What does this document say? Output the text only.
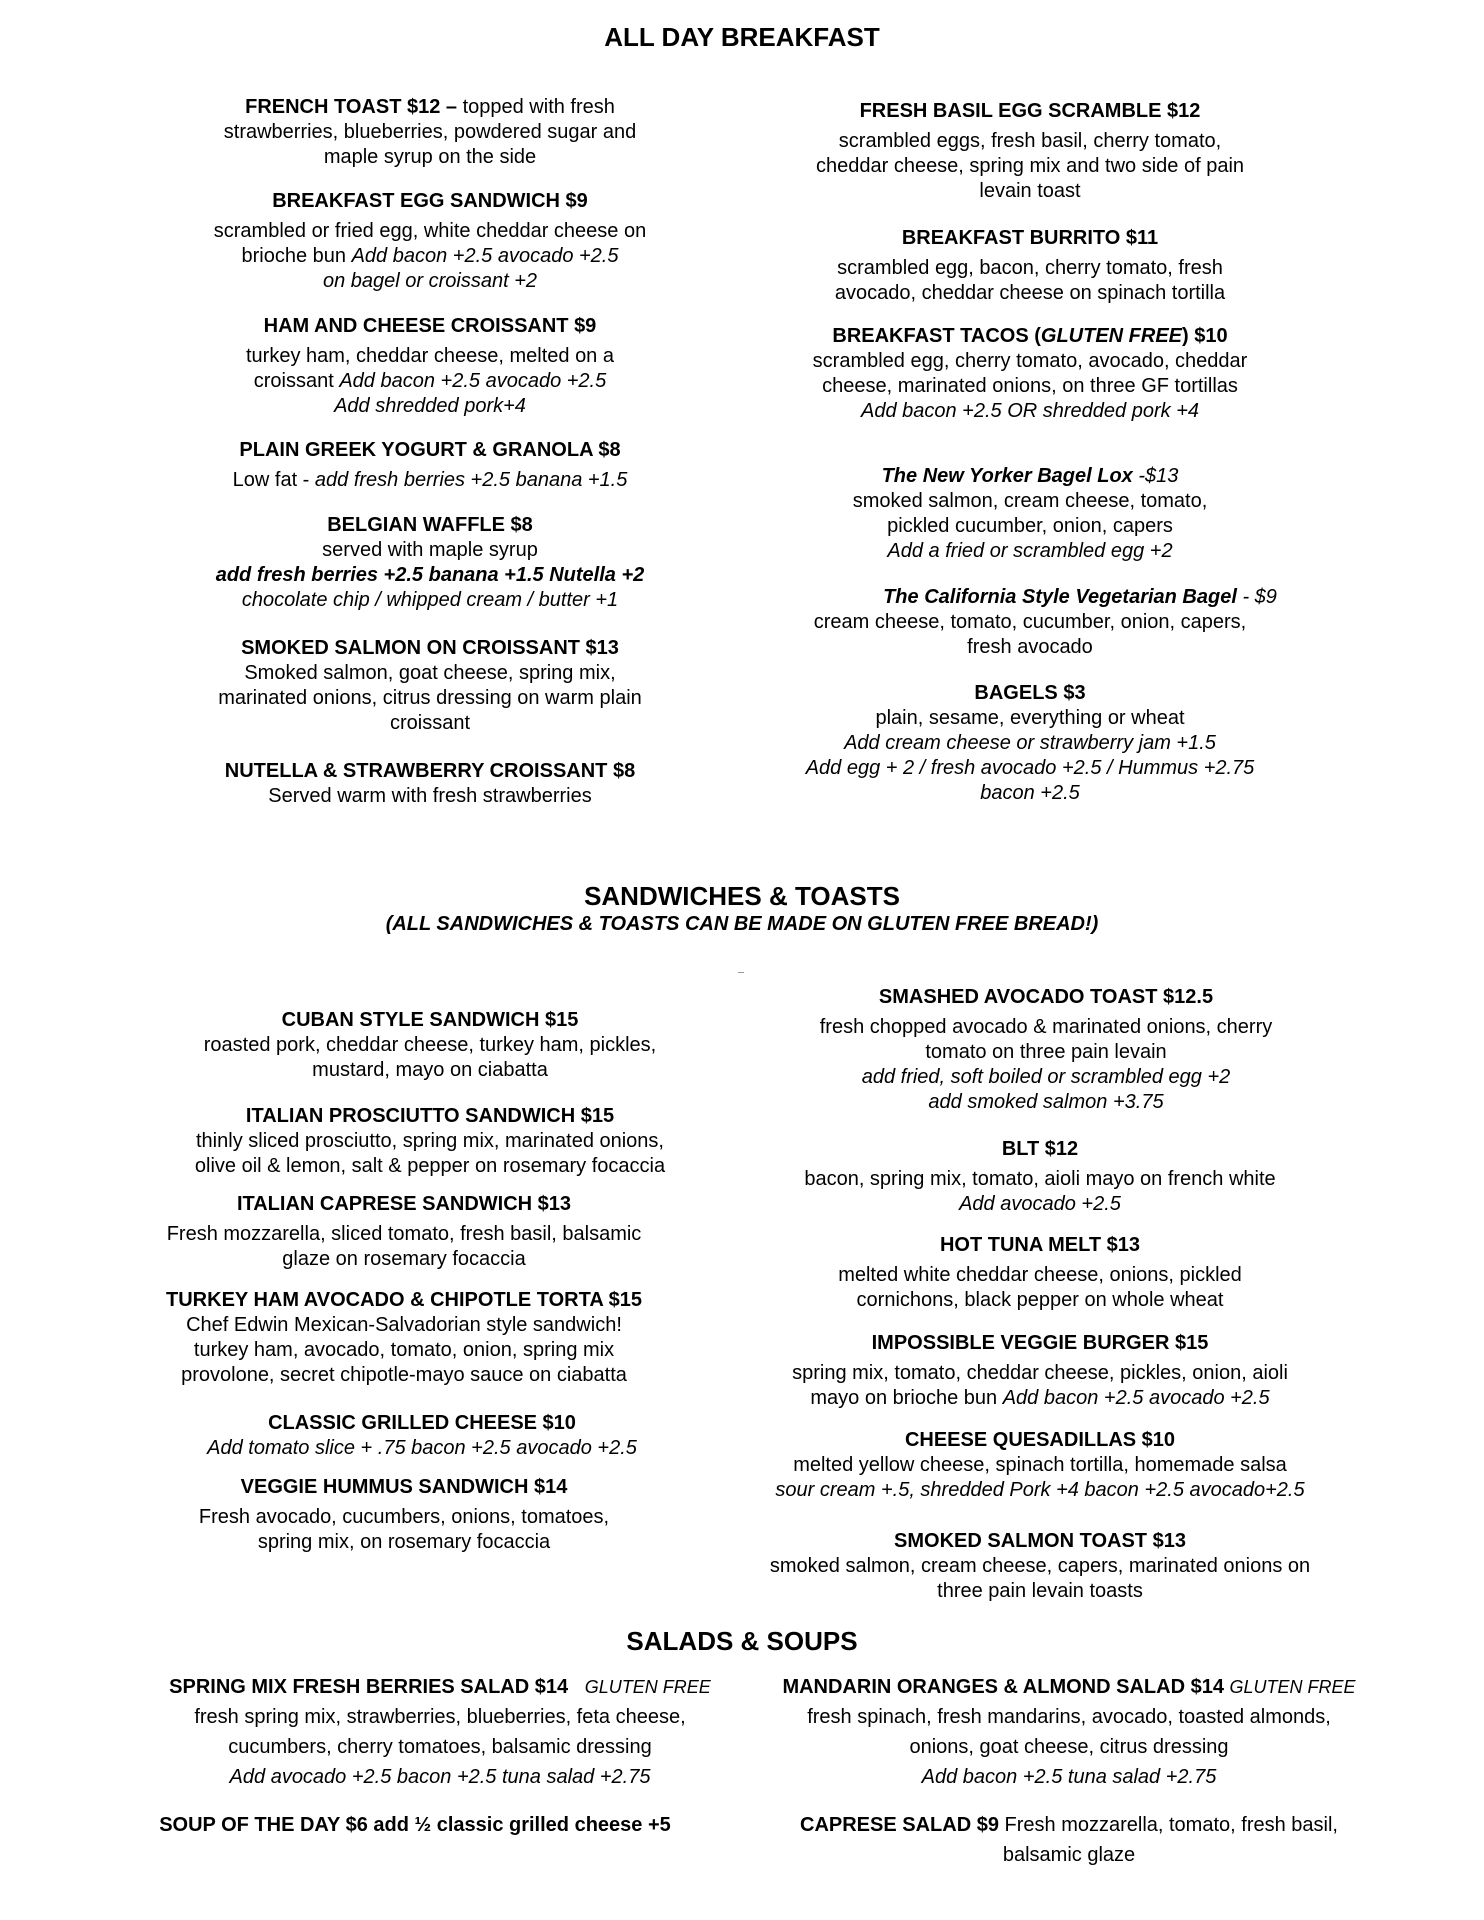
ALL DAY BREAKFAST
FRENCH TOAST $12 – topped with fresh
strawberries, blueberries, powdered sugar and
maple syrup on the side
BREAKFAST EGG SANDWICH $9
scrambled or fried egg, white cheddar cheese on
brioche bun Add bacon +2.5 avocado +2.5
on bagel or croissant +2
HAM AND CHEESE CROISSANT $9
turkey ham, cheddar cheese, melted on a
croissant Add bacon +2.5 avocado +2.5
Add shredded pork+4
PLAIN GREEK YOGURT & GRANOLA $8
Low fat - add fresh berries +2.5 banana +1.5
BELGIAN WAFFLE $8
served with maple syrup
add fresh berries +2.5 banana +1.5 Nutella +2
chocolate chip / whipped cream / butter +1
SMOKED SALMON ON CROISSANT $13
Smoked salmon, goat cheese, spring mix,
marinated onions, citrus dressing on warm plain
croissant
NUTELLA & STRAWBERRY CROISSANT $8
Served warm with fresh strawberries
FRESH BASIL EGG SCRAMBLE $12
scrambled eggs, fresh basil, cherry tomato,
cheddar cheese, spring mix and two side of pain
levain toast
BREAKFAST BURRITO $11
scrambled egg, bacon, cherry tomato, fresh
avocado, cheddar cheese on spinach tortilla
BREAKFAST TACOS (GLUTEN FREE) $10
scrambled egg, cherry tomato, avocado, cheddar
cheese, marinated onions, on three GF tortillas
Add bacon +2.5 OR shredded pork +4
The New Yorker Bagel Lox -$13
smoked salmon, cream cheese, tomato,
pickled cucumber, onion, capers
Add a fried or scrambled egg +2
The California Style Vegetarian Bagel - $9
cream cheese, tomato, cucumber, onion, capers,
fresh avocado
BAGELS $3
plain, sesame, everything or wheat
Add cream cheese or strawberry jam +1.5
Add egg + 2 / fresh avocado +2.5 / Hummus +2.75
bacon +2.5
SANDWICHES & TOASTS
(ALL SANDWICHES & TOASTS CAN BE MADE ON GLUTEN FREE BREAD!)
CUBAN STYLE SANDWICH $15
roasted pork, cheddar cheese, turkey ham, pickles,
mustard, mayo on ciabatta
ITALIAN PROSCIUTTO SANDWICH $15
thinly sliced prosciutto, spring mix, marinated onions,
olive oil & lemon, salt & pepper on rosemary focaccia
ITALIAN CAPRESE SANDWICH $13
Fresh mozzarella, sliced tomato, fresh basil, balsamic
glaze on rosemary focaccia
TURKEY HAM AVOCADO & CHIPOTLE TORTA $15
Chef Edwin Mexican-Salvadorian style sandwich!
turkey ham, avocado, tomato, onion, spring mix
provolone, secret chipotle-mayo sauce on ciabatta
CLASSIC GRILLED CHEESE $10
Add tomato slice + .75 bacon +2.5 avocado +2.5
VEGGIE HUMMUS SANDWICH $14
Fresh avocado, cucumbers, onions, tomatoes,
spring mix, on rosemary focaccia
SMASHED AVOCADO TOAST $12.5
fresh chopped avocado & marinated onions, cherry
tomato on three pain levain
add fried, soft boiled or scrambled egg +2
add smoked salmon +3.75
BLT $12
bacon, spring mix, tomato, aioli mayo on french white
Add avocado +2.5
HOT TUNA MELT $13
melted white cheddar cheese, onions, pickled
cornichons, black pepper on whole wheat
IMPOSSIBLE VEGGIE BURGER $15
spring mix, tomato, cheddar cheese, pickles, onion, aioli
mayo on brioche bun Add bacon +2.5 avocado +2.5
CHEESE QUESADILLAS $10
melted yellow cheese, spinach tortilla, homemade salsa
sour cream +.5, shredded Pork +4 bacon +2.5 avocado+2.5
SMOKED SALMON TOAST $13
smoked salmon, cream cheese, capers, marinated onions on
three pain levain toasts
SALADS & SOUPS
SPRING MIX FRESH BERRIES SALAD $14 GLUTEN FREE
fresh spring mix, strawberries, blueberries, feta cheese,
cucumbers, cherry tomatoes, balsamic dressing
Add avocado +2.5 bacon +2.5 tuna salad +2.75
MANDARIN ORANGES & ALMOND SALAD $14 GLUTEN FREE
fresh spinach, fresh mandarins, avocado, toasted almonds,
onions, goat cheese, citrus dressing
Add bacon +2.5 tuna salad +2.75
SOUP OF THE DAY $6 add ½ classic grilled cheese +5	CAPRESE SALAD $9 Fresh mozzarella, tomato, fresh basil,
balsamic glaze
